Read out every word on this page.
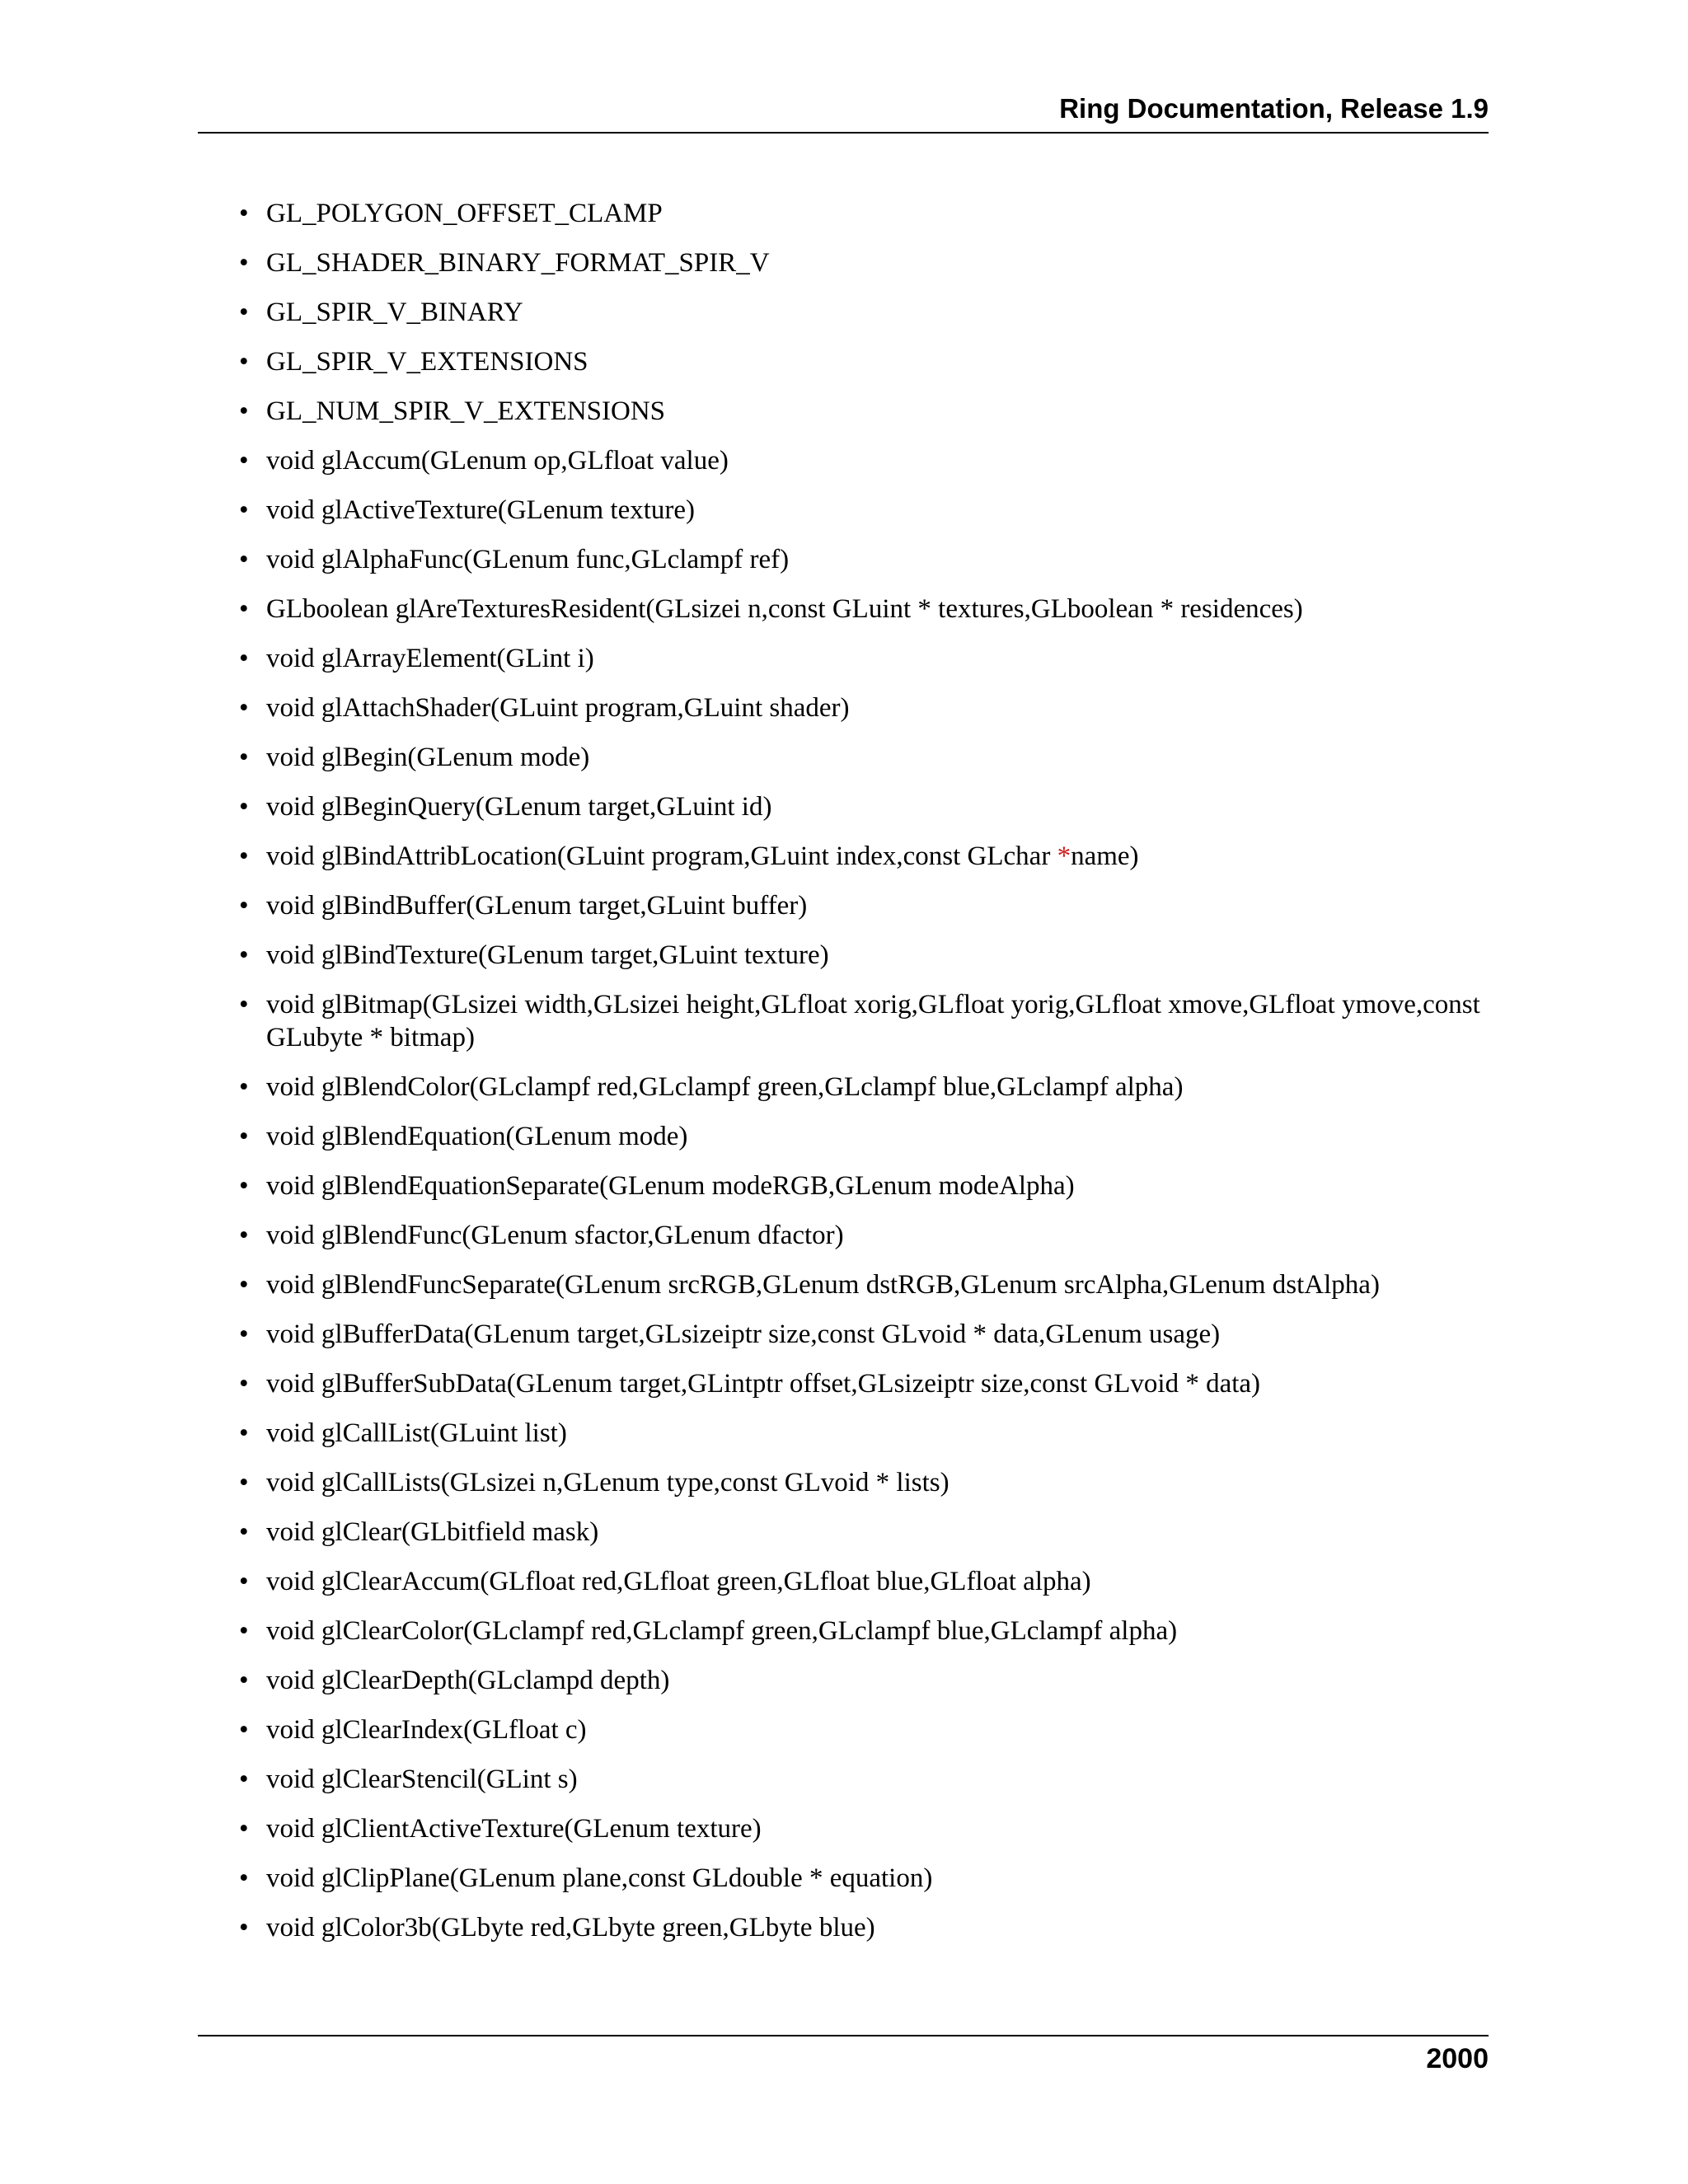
Ring Documentation, Release 1.9
• GL_POLYGON_OFFSET_CLAMP
• GL_SHADER_BINARY_FORMAT_SPIR_V
• GL_SPIR_V_BINARY
• GL_SPIR_V_EXTENSIONS
• GL_NUM_SPIR_V_EXTENSIONS
• void glAccum(GLenum op,GLfloat value)
• void glActiveTexture(GLenum texture)
• void glAlphaFunc(GLenum func,GLclampf ref)
• GLboolean glAreTexturesResident(GLsizei n,const GLuint * textures,GLboolean * residences)
• void glArrayElement(GLint i)
• void glAttachShader(GLuint program,GLuint shader)
• void glBegin(GLenum mode)
• void glBeginQuery(GLenum target,GLuint id)
• void glBindAttribLocation(GLuint program,GLuint index,const GLchar *name)
• void glBindBuffer(GLenum target,GLuint buffer)
• void glBindTexture(GLenum target,GLuint texture)
• void glBitmap(GLsizei width,GLsizei height,GLfloat xorig,GLfloat yorig,GLfloat xmove,GLfloat ymove,const GLubyte * bitmap)
• void glBlendColor(GLclampf red,GLclampf green,GLclampf blue,GLclampf alpha)
• void glBlendEquation(GLenum mode)
• void glBlendEquationSeparate(GLenum modeRGB,GLenum modeAlpha)
• void glBlendFunc(GLenum sfactor,GLenum dfactor)
• void glBlendFuncSeparate(GLenum srcRGB,GLenum dstRGB,GLenum srcAlpha,GLenum dstAlpha)
• void glBufferData(GLenum target,GLsizeiptr size,const GLvoid * data,GLenum usage)
• void glBufferSubData(GLenum target,GLintptr offset,GLsizeiptr size,const GLvoid * data)
• void glCallList(GLuint list)
• void glCallLists(GLsizei n,GLenum type,const GLvoid * lists)
• void glClear(GLbitfield mask)
• void glClearAccum(GLfloat red,GLfloat green,GLfloat blue,GLfloat alpha)
• void glClearColor(GLclampf red,GLclampf green,GLclampf blue,GLclampf alpha)
• void glClearDepth(GLclampd depth)
• void glClearIndex(GLfloat c)
• void glClearStencil(GLint s)
• void glClientActiveTexture(GLenum texture)
• void glClipPlane(GLenum plane,const GLdouble * equation)
• void glColor3b(GLbyte red,GLbyte green,GLbyte blue)
2000
